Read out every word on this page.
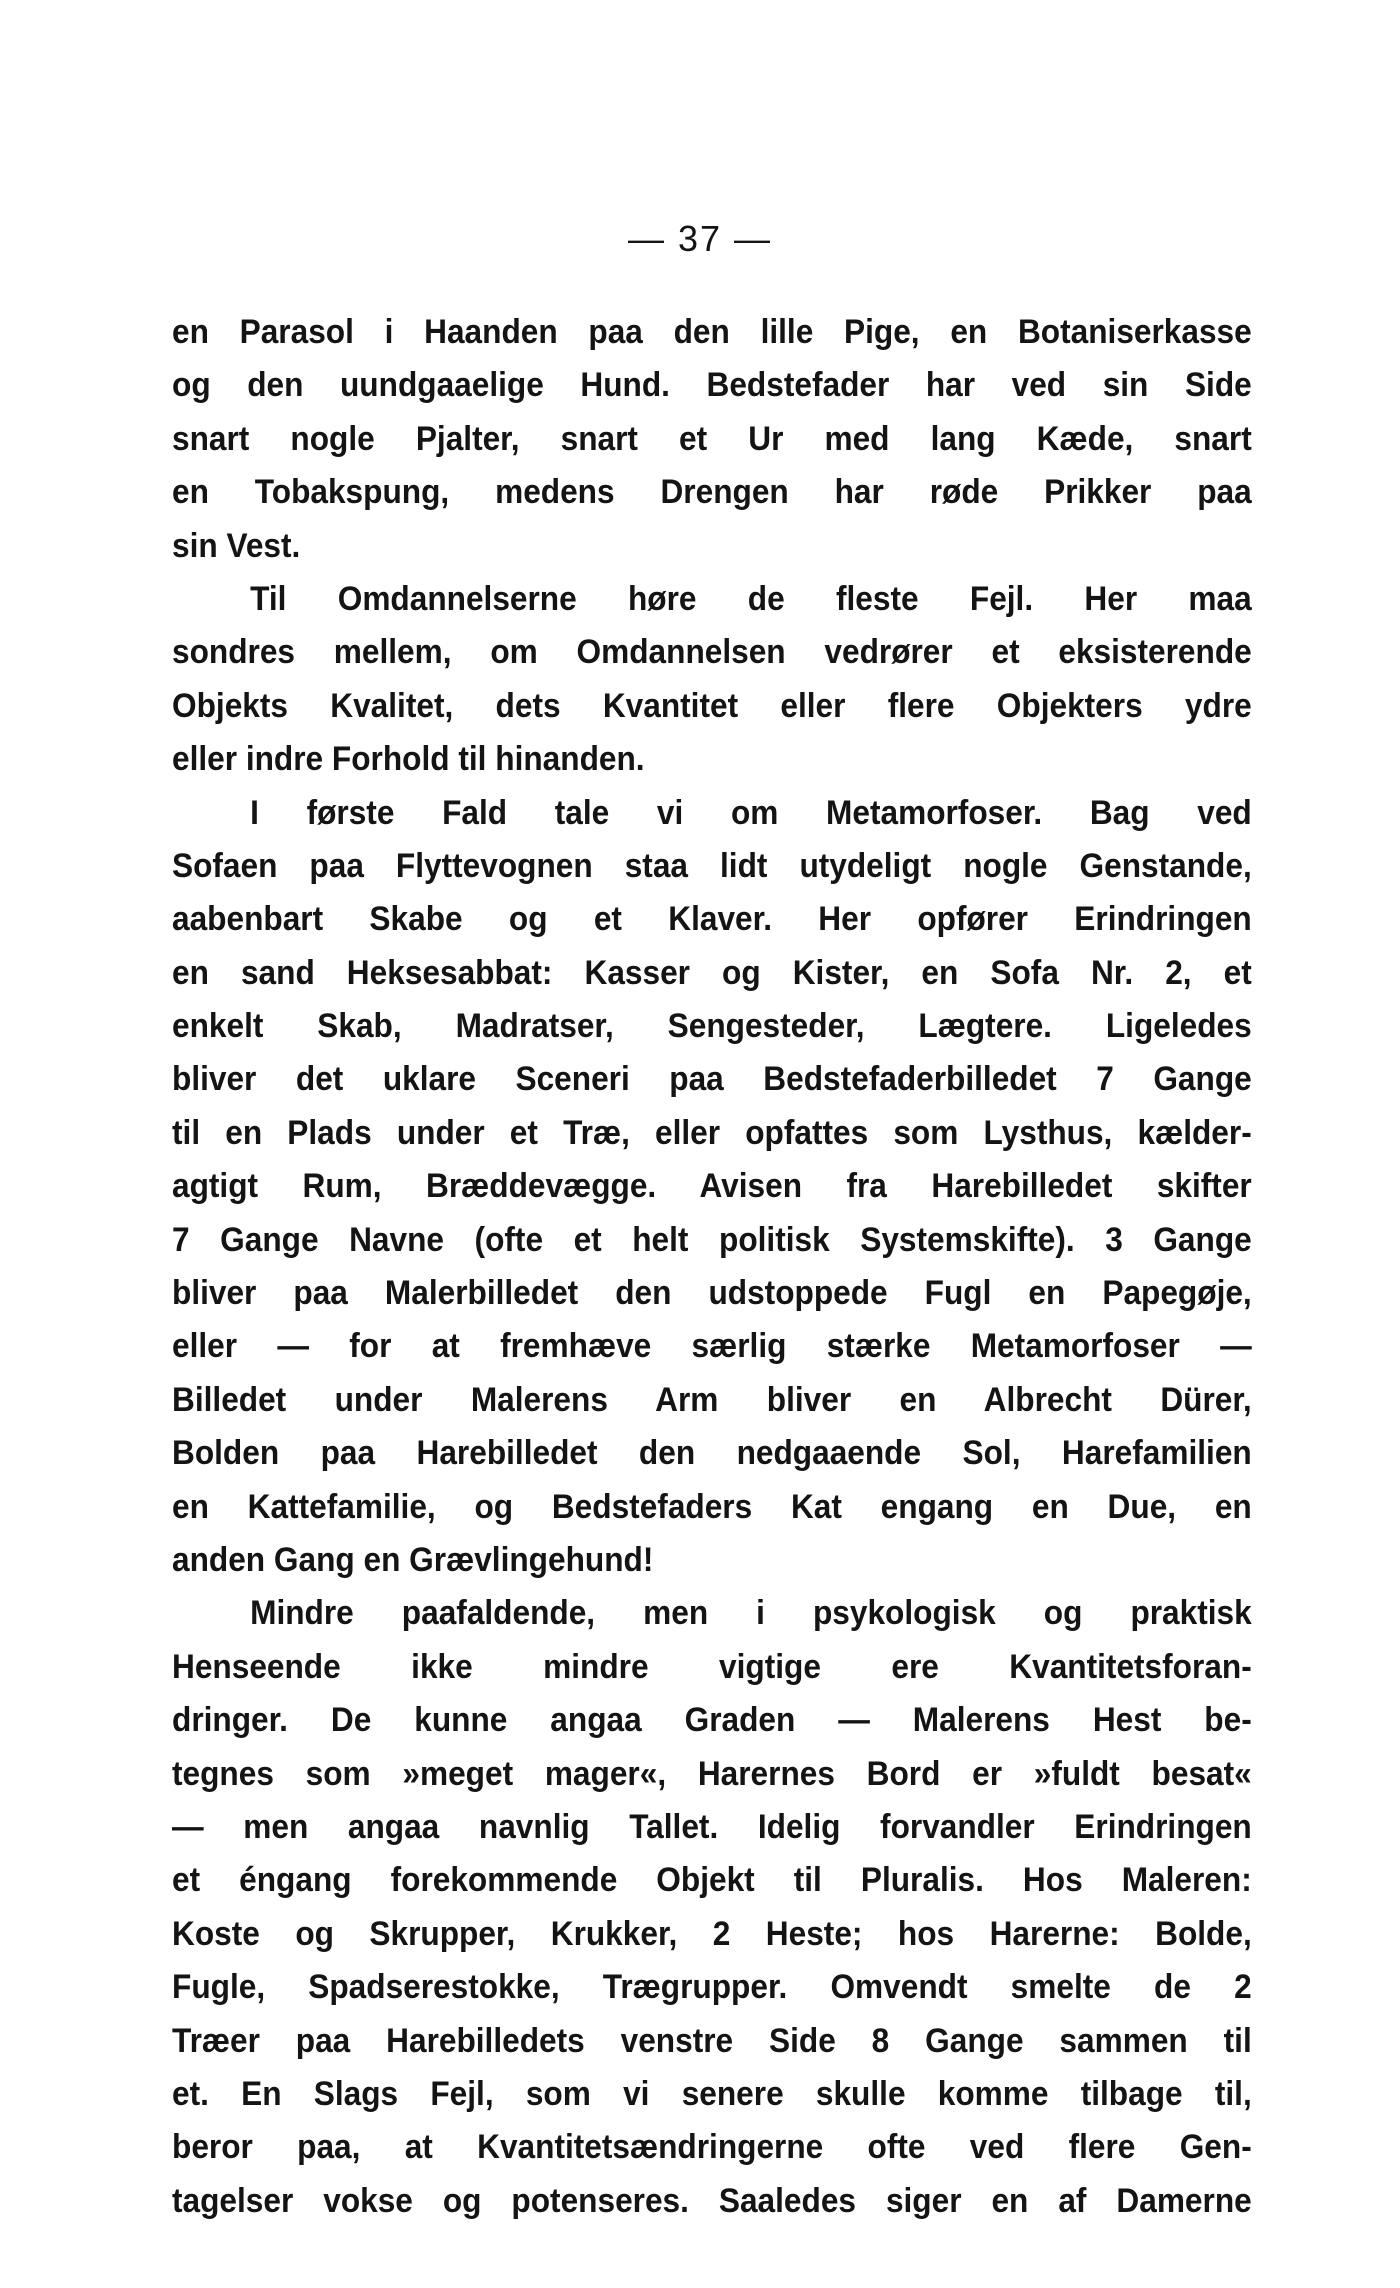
— 37 —
en Parasol i Haanden paa den lille Pige, en Botaniserkasse
og den uundgaaelige Hund. Bedstefader har ved sin Side
snart nogle Pjalter, snart et Ur med lang Kæde, snart
en Tobakspung, medens Drengen har røde Prikker paa
sin Vest.
Til Omdannelserne høre de fleste Fejl. Her maa
sondres mellem, om Omdannelsen vedrører et eksisterende
Objekts Kvalitet, dets Kvantitet eller flere Objekters ydre
eller indre Forhold til hinanden.
I første Fald tale vi om Metamorfoser. Bag ved
Sofaen paa Flyttevognen staa lidt utydeligt nogle Genstande,
aabenbart Skabe og et Klaver. Her opfører Erindringen
en sand Heksesabbat: Kasser og Kister, en Sofa Nr. 2, et
enkelt Skab, Madratser, Sengesteder, Lægtere. Ligeledes
bliver det uklare Sceneri paa Bedstefaderbilledet 7 Gange
til en Plads under et Træ, eller opfattes som Lysthus, kælder-
agtigt Rum, Bræddevægge. Avisen fra Harebilledet skifter
7 Gange Navne (ofte et helt politisk Systemskifte). 3 Gange
bliver paa Malerbilledet den udstoppede Fugl en Papegøje,
eller — for at fremhæve særlig stærke Metamorfoser —
Billedet under Malerens Arm bliver en Albrecht Dürer,
Bolden paa Harebilledet den nedgaaende Sol, Harefamilien
en Kattefamilie, og Bedstefaders Kat engang en Due, en
anden Gang en Grævlingehund!
Mindre paafaldende, men i psykologisk og praktisk
Henseende ikke mindre vigtige ere Kvantitetsforan-
dringer. De kunne angaa Graden — Malerens Hest be-
tegnes som »meget mager«, Harernes Bord er »fuldt besat«
— men angaa navnlig Tallet. Idelig forvandler Erindringen
et éngang forekommende Objekt til Pluralis. Hos Maleren:
Koste og Skrupper, Krukker, 2 Heste; hos Harerne: Bolde,
Fugle, Spadserestokke, Trægrupper. Omvendt smelte de 2
Træer paa Harebilledets venstre Side 8 Gange sammen til
et. En Slags Fejl, som vi senere skulle komme tilbage til,
beror paa, at Kvantitetsændringerne ofte ved flere Gen-
tagelser vokse og potenseres. Saaledes siger en af Damerne
